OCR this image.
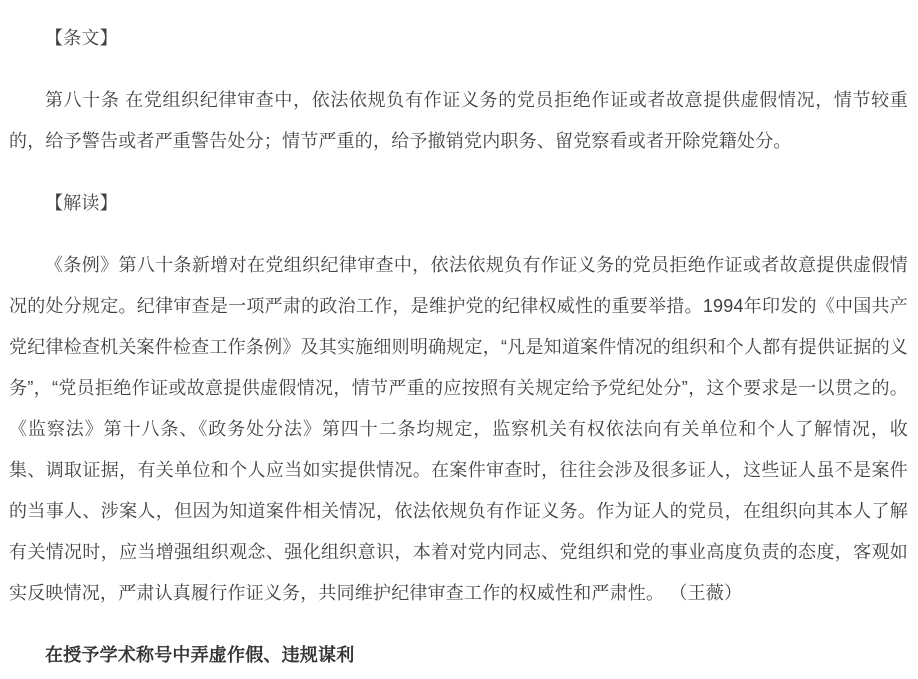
【条文】

第八十条 在党组织纪律审查中，依法依规负有作证义务的党员拒绝作证或者故意提供虚假情况，情节较重的，给予警告或者严重警告处分；情节严重的，给予撤销党内职务、留党察看或者开除党籍处分。

【解读】

《条例》第八十条新增对在党组织纪律审查中，依法依规负有作证义务的党员拒绝作证或者故意提供虚假情况的处分规定。纪律审查是一项严肃的政治工作，是维护党的纪律权威性的重要举措。1994年印发的《中国共产党纪律检查机关案件检查工作条例》及其实施细则明确规定，“凡是知道案件情况的组织和个人都有提供证据的义务”，“党员拒绝作证或故意提供虚假情况，情节严重的应按照有关规定给予党纪处分”，这个要求是一以贯之的。《监察法》第十八条、《政务处分法》第四十二条均规定，监察机关有权依法向有关单位和个人了解情况，收集、调取证据，有关单位和个人应当如实提供情况。在案件审查时，往往会涉及很多证人，这些证人虽不是案件的当事人、涉案人，但因为知道案件相关情况，依法依规负有作证义务。作为证人的党员，在组织向其本人了解有关情况时，应当增强组织观念、强化组织意识，本着对党内同志、党组织和党的事业高度负责的态度，客观如实反映情况，严肃认真履行作证义务，共同维护纪律审查工作的权威性和严肃性。 （王薇）

在授予学术称号中弄虚作假、违规谋利
